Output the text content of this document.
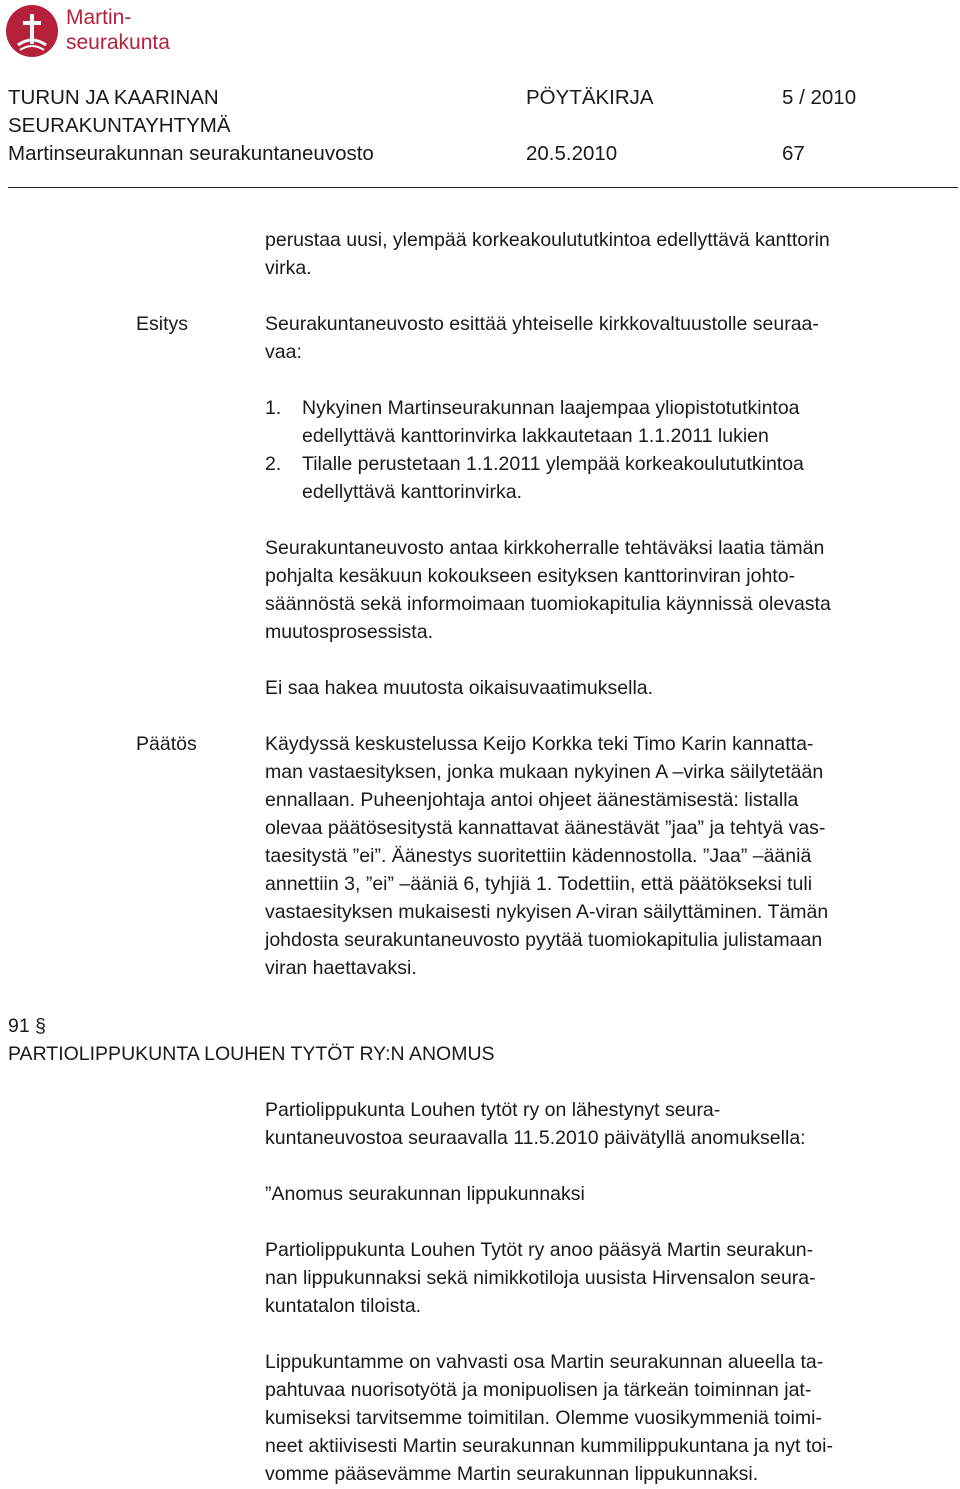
Martin-
seurakunta
TURUN JA KAARINAN
SEURAKUNTAYHTYMÄ
PÖYTÄKIRJA	5 / 2010
Martinseurakunnan seurakuntaneuvosto	20.5.2010	67
perustaa uusi, ylempää korkeakoulututkintoa edellyttävä kanttorin
virka.
Esitys	Seurakuntaneuvosto esittää yhteiselle kirkkovaltuustolle seuraa-
vaa:
1. Nykyinen Martinseurakunnan laajempaa yliopistotutkintoa
edellyttävä kanttorinvirka lakkautetaan 1.1.2011 lukien
2. Tilalle perustetaan 1.1.2011 ylempää korkeakoulututkintoa
edellyttävä kanttorinvirka.
Seurakuntaneuvosto antaa kirkkoherralle tehtäväksi laatia tämän
pohjalta kesäkuun kokoukseen esityksen kanttorinviran johto-
säännöstä sekä informoimaan tuomiokapitulia käynnissä olevasta
muutosprosessista.
Ei saa hakea muutosta oikaisuvaatimuksella.
Päätös	Käydyssä keskustelussa Keijo Korkka teki Timo Karin kannatta-
man vastaesityksen, jonka mukaan nykyinen A –virka säilytetään
ennallaan. Puheenjohtaja antoi ohjeet äänestämisestä: listalla
olevaa päätösesitystä kannattavat äänestävät ”jaa” ja tehtyä vas-
taesitystä ”ei”. Äänestys suoritettiin kädennostolla. ”Jaa” –ääniä
annettiin 3, ”ei” –ääniä 6, tyhjiä 1. Todettiin, että päätökseksi tuli
vastaesityksen mukaisesti nykyisen A-viran säilyttäminen. Tämän
johdosta seurakuntaneuvosto pyytää tuomiokapitulia julistamaan
viran haettavaksi.
91 §
PARTIOLIPPUKUNTA LOUHEN TYTÖT RY:N ANOMUS
Partiolippukunta Louhen tytöt ry on lähestynyt seura-
kuntaneuvostoa seuraavalla 11.5.2010 päivätyllä anomuksella:
”Anomus seurakunnan lippukunnaksi
Partiolippukunta Louhen Tytöt ry anoo pääsyä Martin seurakun-
nan lippukunnaksi sekä nimikkotiloja uusista Hirvensalon seura-
kuntatalon tiloista.
Lippukuntamme on vahvasti osa Martin seurakunnan alueella ta-
pahtuvaa nuorisotyötä ja monipuolisen ja tärkeän toiminnan jat-
kumiseksi tarvitsemme toimitilan. Olemme vuosikymmeniä toimi-
neet aktiivisesti Martin seurakunnan kummilippukuntana ja nyt toi-
vomme pääsevämme Martin seurakunnan lippukunnaksi.
